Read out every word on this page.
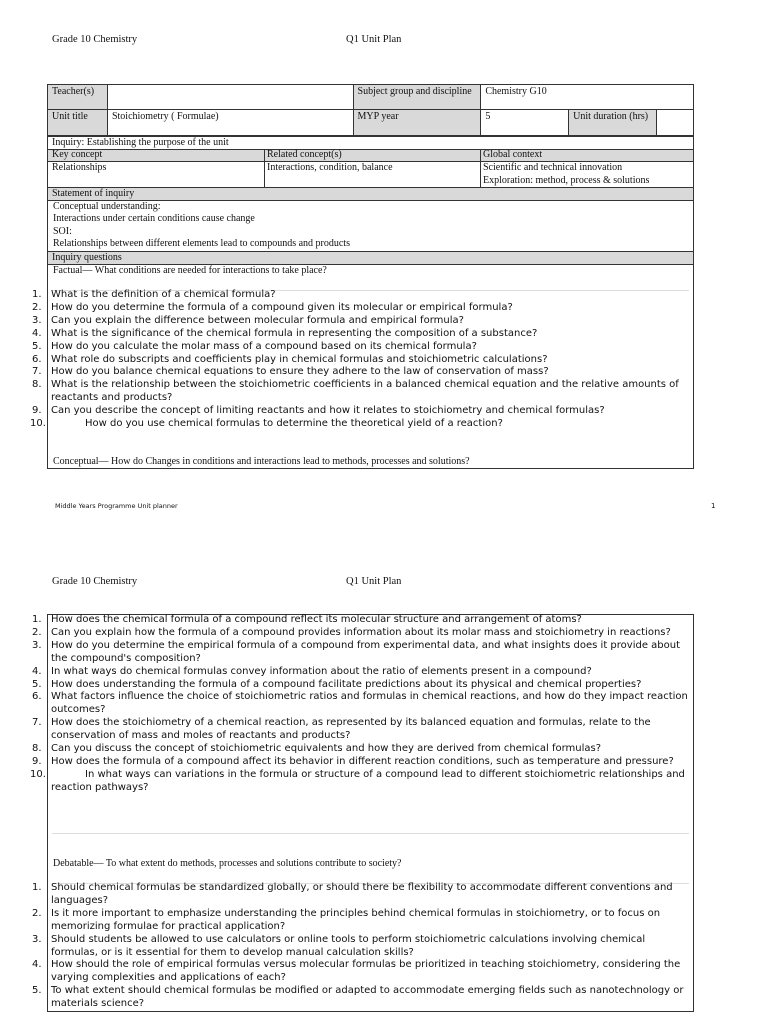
Grade 10 Chemistry	Q1 Unit Plan
Teacher(s)		Subject group and discipline	Chemistry G10		
Unit title	Stoichiometry ( Formulae)	MYP year	5	Unit duration (hrs)	
Inquiry: Establishing the purpose of the unit
Key concept	Related concept(s)	Global context
Relationships	Interactions, condition, balance	Scientific and technical innovation
Exploration: method, process & solutions
Statement of inquiry
Conceptual understanding:
Interactions under certain conditions cause change
SOI:
Relationships between different elements lead to compounds and products
Inquiry questions
Factual— What conditions are needed for interactions to take place?
Conceptual— How do Changes in conditions and interactions lead to methods, processes and solutions?
1. What is the definition of a chemical formula?
2. How do you determine the formula of a compound given its molecular or empirical formula?
3. Can you explain the difference between molecular formula and empirical formula?
4. What is the significance of the chemical formula in representing the composition of a substance?
5. How do you calculate the molar mass of a compound based on its chemical formula?
6. What role do subscripts and coefficients play in chemical formulas and stoichiometric calculations?
7. How do you balance chemical equations to ensure they adhere to the law of conservation of mass?
8. What is the relationship between the stoichiometric coefficients in a balanced chemical equation and the relative amounts of reactants and products?
9. Can you describe the concept of limiting reactants and how it relates to stoichiometry and chemical formulas?
10.	How do you use chemical formulas to determine the theoretical yield of a reaction?
Middle Years Programme Unit planner	1
Grade 10 Chemistry	Q1 Unit Plan
Debatable— To what extent do methods, processes and solutions contribute to society?
1. How does the chemical formula of a compound reflect its molecular structure and arrangement of atoms?
2. Can you explain how the formula of a compound provides information about its molar mass and stoichiometry in reactions?
3. How do you determine the empirical formula of a compound from experimental data, and what insights does it provide about the compound's composition?
4. In what ways do chemical formulas convey information about the ratio of elements present in a compound?
5. How does understanding the formula of a compound facilitate predictions about its physical and chemical properties?
6. What factors influence the choice of stoichiometric ratios and formulas in chemical reactions, and how do they impact reaction outcomes?
7. How does the stoichiometry of a chemical reaction, as represented by its balanced equation and formulas, relate to the conservation of mass and moles of reactants and products?
8. Can you discuss the concept of stoichiometric equivalents and how they are derived from chemical formulas?
9. How does the formula of a compound affect its behavior in different reaction conditions, such as temperature and pressure?
10.	In what ways can variations in the formula or structure of a compound lead to different stoichiometric relationships and reaction pathways?
1. Should chemical formulas be standardized globally, or should there be flexibility to accommodate different conventions and languages?
2. Is it more important to emphasize understanding the principles behind chemical formulas in stoichiometry, or to focus on memorizing formulae for practical application?
3. Should students be allowed to use calculators or online tools to perform stoichiometric calculations involving chemical formulas, or is it essential for them to develop manual calculation skills?
4. How should the role of empirical formulas versus molecular formulas be prioritized in teaching stoichiometry, considering the varying complexities and applications of each?
5. To what extent should chemical formulas be modified or adapted to accommodate emerging fields such as nanotechnology or materials science?
